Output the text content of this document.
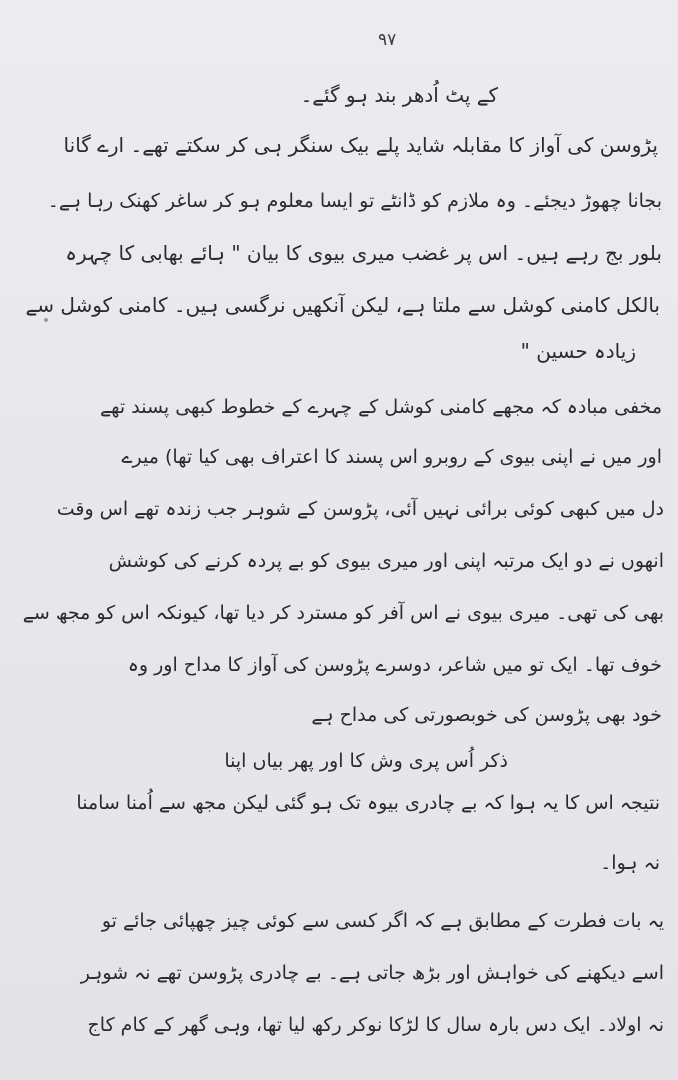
۹۷
کے پٹ اُدھر بند ہو گئے۔
پڑوسن کی آواز کا مقابلہ شاید پلے بیک سنگر ہی کر سکتے تھے۔ ارے گانا
بجانا چھوڑ دیجئے۔ وہ ملازم کو ڈانٹے تو ایسا معلوم ہو کر ساغر کھنک رہا ہے۔
بلور بج رہے ہیں۔ اس پر غضب میری بیوی کا بیان " ہائے بھابی کا چہرہ
بالکل کامنی کوشل سے ملتا ہے، لیکن آنکھیں نرگسی ہیں۔ کامنی کوشل سے
زیادہ حسین "
مخفی مبادہ کہ مجھے کامنی کوشل کے چہرے کے خطوط کبھی پسند تھے
اور میں نے اپنی بیوی کے روبرو اس پسند کا اعتراف بھی کیا تھا) میرے
دل میں کبھی کوئی برائی نہیں آئی، پڑوسن کے شوہر جب زندہ تھے اس وقت
انھوں نے دو ایک مرتبہ اپنی اور میری بیوی کو بے پردہ کرنے کی کوشش
بھی کی تھی۔ میری بیوی نے اس آفر کو مسترد کر دیا تھا، کیونکہ اس کو مجھ سے
خوف تھا۔ ایک تو میں شاعر، دوسرے پڑوسن کی آواز کا مداح اور وہ
خود بھی پڑوسن کی خوبصورتی کی مداح ہے
ذکر اُس پری وش کا اور پھر بیاں اپنا
نتیجہ اس کا یہ ہوا کہ بے چادری بیوہ تک ہو گئی لیکن مجھ سے اُمنا سامنا
نہ ہوا۔
یہ بات فطرت کے مطابق ہے کہ اگر کسی سے کوئی چیز چھپائی جائے تو
اسے دیکھنے کی خواہش اور بڑھ جاتی ہے۔ بے چادری پڑوسن تھے نہ شوہر
نہ اولاد۔ ایک دس بارہ سال کا لڑکا نوکر رکھ لیا تھا، وہی گھر کے کام کاج
